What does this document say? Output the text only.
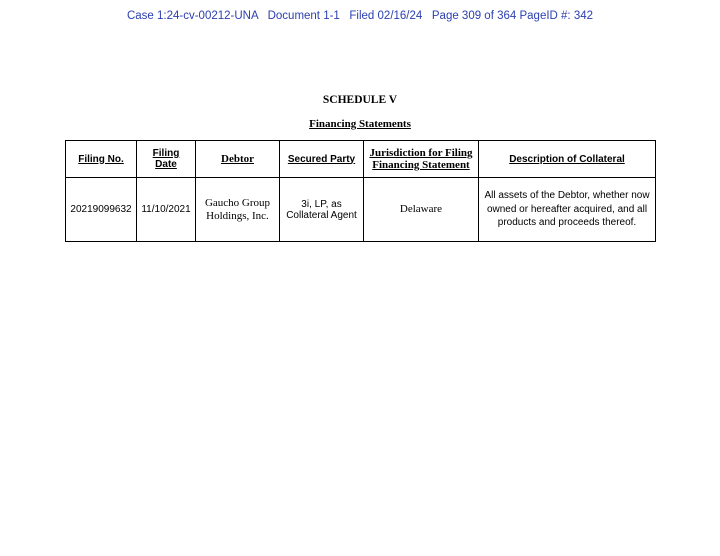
Case 1:24-cv-00212-UNA   Document 1-1   Filed 02/16/24   Page 309 of 364 PageID #: 342
SCHEDULE V
Financing Statements
Filing No.	Filing Date	Debtor	Secured Party	Jurisdiction for Filing Financing Statement	Description of Collateral
20219099632	11/10/2021	Gaucho Group Holdings, Inc.	3i, LP, as Collateral Agent	Delaware	All assets of the Debtor, whether now owned or hereafter acquired, and all products and proceeds thereof.
